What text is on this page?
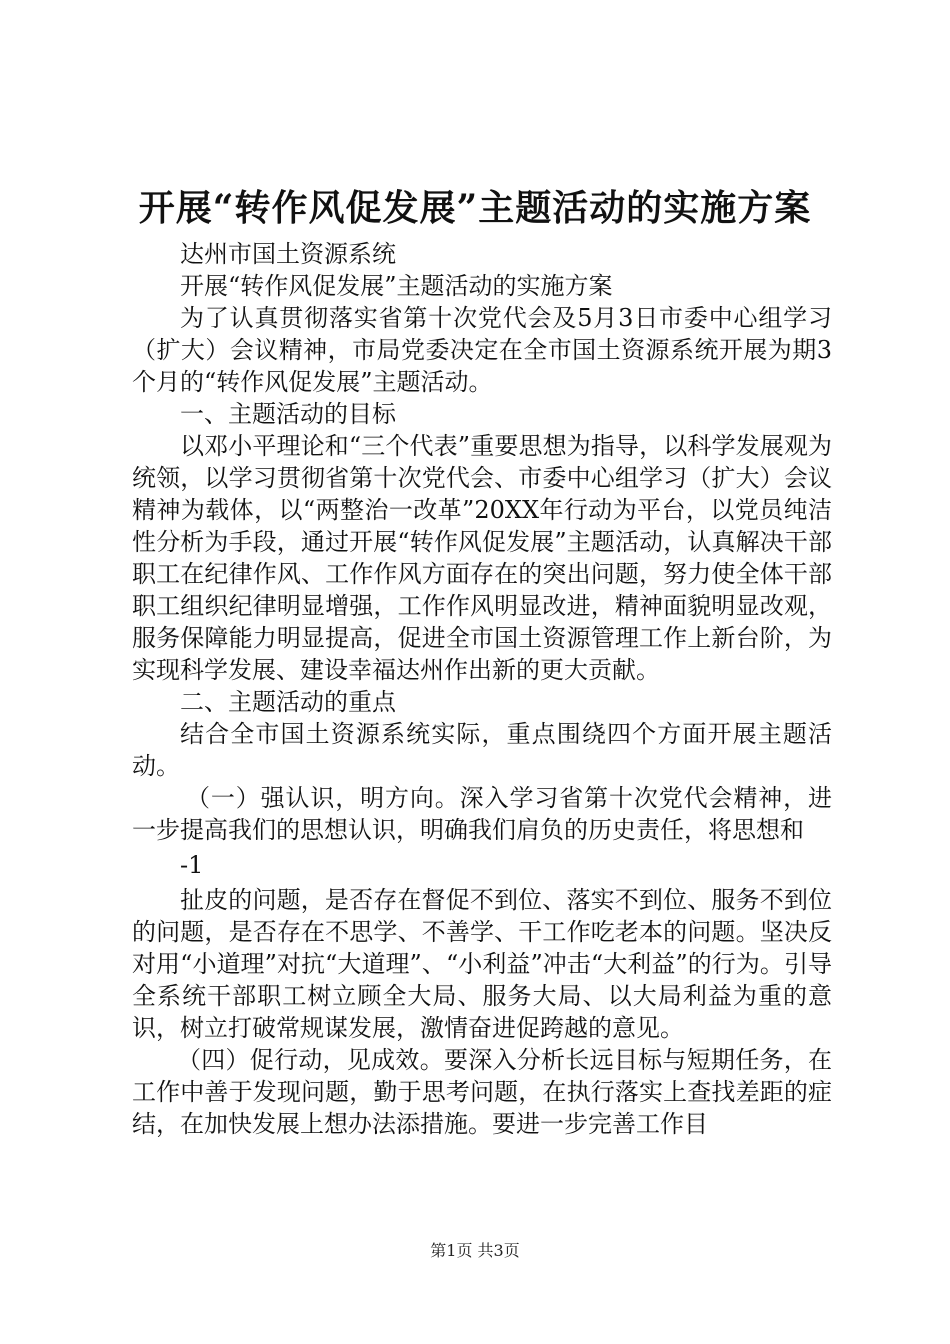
开展“转作风促发展”主题活动的实施方案

达州市国土资源系统

开展“转作风促发展”主题活动的实施方案

为了认真贯彻落实省第十次党代会及5月3日市委中心组学习（扩大）会议精神，市局党委决定在全市国土资源系统开展为期3个月的“转作风促发展”主题活动。

一、主题活动的目标

以邓小平理论和“三个代表”重要思想为指导，以科学发展观为统领，以学习贯彻省第十次党代会、市委中心组学习（扩大）会议精神为载体，以“两整治一改革”20XX年行动为平台，以党员纯洁性分析为手段，通过开展“转作风促发展”主题活动，认真解决干部职工在纪律作风、工作作风方面存在的突出问题，努力使全体干部职工组织纪律明显增强，工作作风明显改进，精神面貌明显改观，服务保障能力明显提高，促进全市国土资源管理工作上新台阶，为实现科学发展、建设幸福达州作出新的更大贡献。

二、主题活动的重点

结合全市国土资源系统实际，重点围绕四个方面开展主题活动。

（一）强认识，明方向。深入学习省第十次党代会精神，进一步提高我们的思想认识，明确我们肩负的历史责任，将思想和

-1

扯皮的问题，是否存在督促不到位、落实不到位、服务不到位的问题，是否存在不思学、不善学、干工作吃老本的问题。坚决反对用“小道理”对抗“大道理”、“小利益”冲击“大利益”的行为。引导全系统干部职工树立顾全大局、服务大局、以大局利益为重的意识，树立打破常规谋发展，激情奋进促跨越的意见。

（四）促行动，见成效。要深入分析长远目标与短期任务，在工作中善于发现问题，勤于思考问题，在执行落实上查找差距的症结，在加快发展上想办法添措施。要进一步完善工作目

第1页 共3页
